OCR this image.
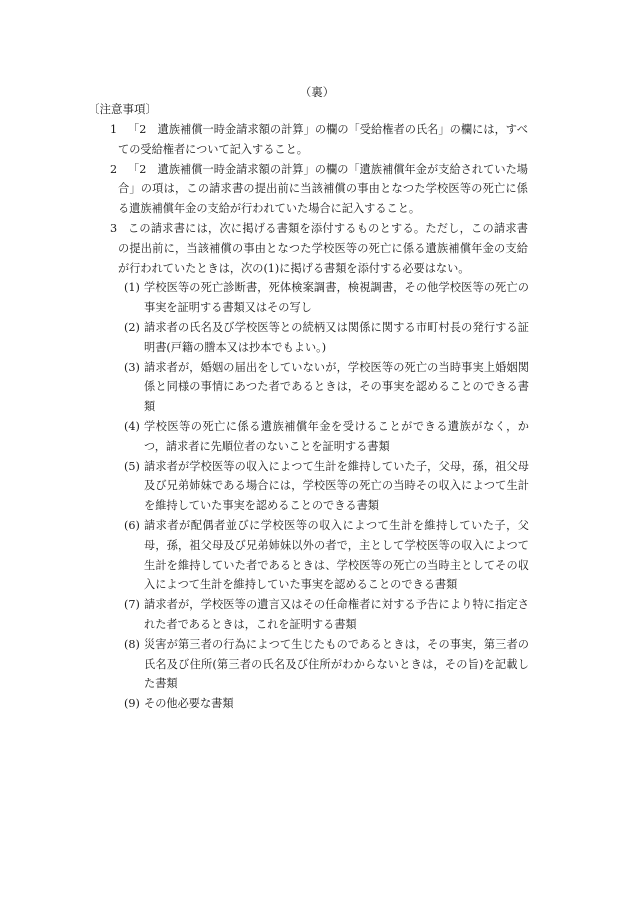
（裏）
〔注意事項〕
1 「2　遺族補償一時金請求額の計算」の欄の「受給権者の氏名」の欄には，すべての受給権者について記入すること。
2 「2　遺族補償一時金請求額の計算」の欄の「遺族補償年金が支給されていた場合」の項は，この請求書の提出前に当該補償の事由となつた学校医等の死亡に係る遺族補償年金の支給が行われていた場合に記入すること。
3 この請求書には，次に掲げる書類を添付するものとする。ただし，この請求書の提出前に，当該補償の事由となつた学校医等の死亡に係る遺族補償年金の支給が行われていたときは，次の(1)に掲げる書類を添付する必要はない。
(1) 学校医等の死亡診断書，死体検案調書，検視調書，その他学校医等の死亡の事実を証明する書類又はその写し
(2) 請求者の氏名及び学校医等との続柄又は関係に関する市町村長の発行する証明書(戸籍の謄本又は抄本でもよい。)
(3) 請求者が，婚姻の届出をしていないが，学校医等の死亡の当時事実上婚姻関係と同様の事情にあつた者であるときは，その事実を認めることのできる書類
(4) 学校医等の死亡に係る遺族補償年金を受けることができる遺族がなく，かつ，請求者に先順位者のないことを証明する書類
(5) 請求者が学校医等の収入によつて生計を維持していた子，父母，孫，祖父母及び兄弟姉妹である場合には，学校医等の死亡の当時その収入によつて生計を維持していた事実を認めることのできる書類
(6) 請求者が配偶者並びに学校医等の収入によつて生計を維持していた子，父母，孫，祖父母及び兄弟姉妹以外の者で，主として学校医等の収入によつて生計を維持していた者であるときは、学校医等の死亡の当時主としてその収入によつて生計を維持していた事実を認めることのできる書類
(7) 請求者が，学校医等の遺言又はその任命権者に対する予告により特に指定された者であるときは，これを証明する書類
(8) 災害が第三者の行為によつて生じたものであるときは，その事実，第三者の氏名及び住所(第三者の氏名及び住所がわからないときは，その旨)を記載した書類
(9) その他必要な書類
